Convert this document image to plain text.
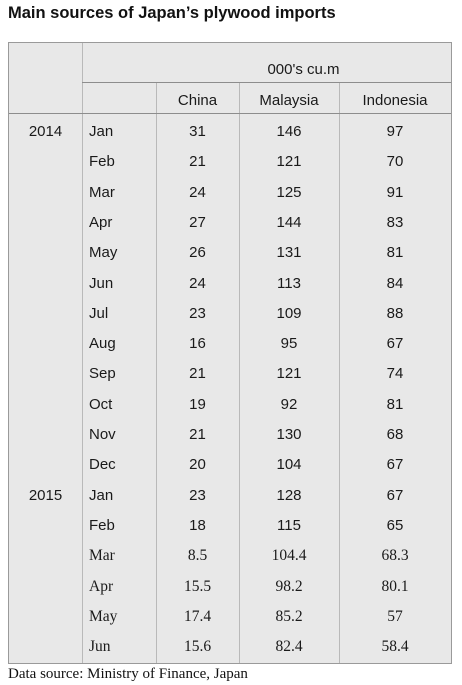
Main sources of Japan’s plywood imports
000's cu.m
China	Malaysia	Indonesia
2014	Jan	31	146	97
Feb	21	121	70
Mar	24	125	91
Apr	27	144	83
May	26	131	81
Jun	24	113	84
Jul	23	109	88
Aug	16	95	67
Sep	21	121	74
Oct	19	92	81
Nov	21	130	68
Dec	20	104	67
2015	Jan	23	128	67
Feb	18	115	65
Mar	8.5	104.4	68.3
Apr	15.5	98.2	80.1
May	17.4	85.2	57
Jun	15.6	82.4	58.4
Data source: Ministry of Finance, Japan
